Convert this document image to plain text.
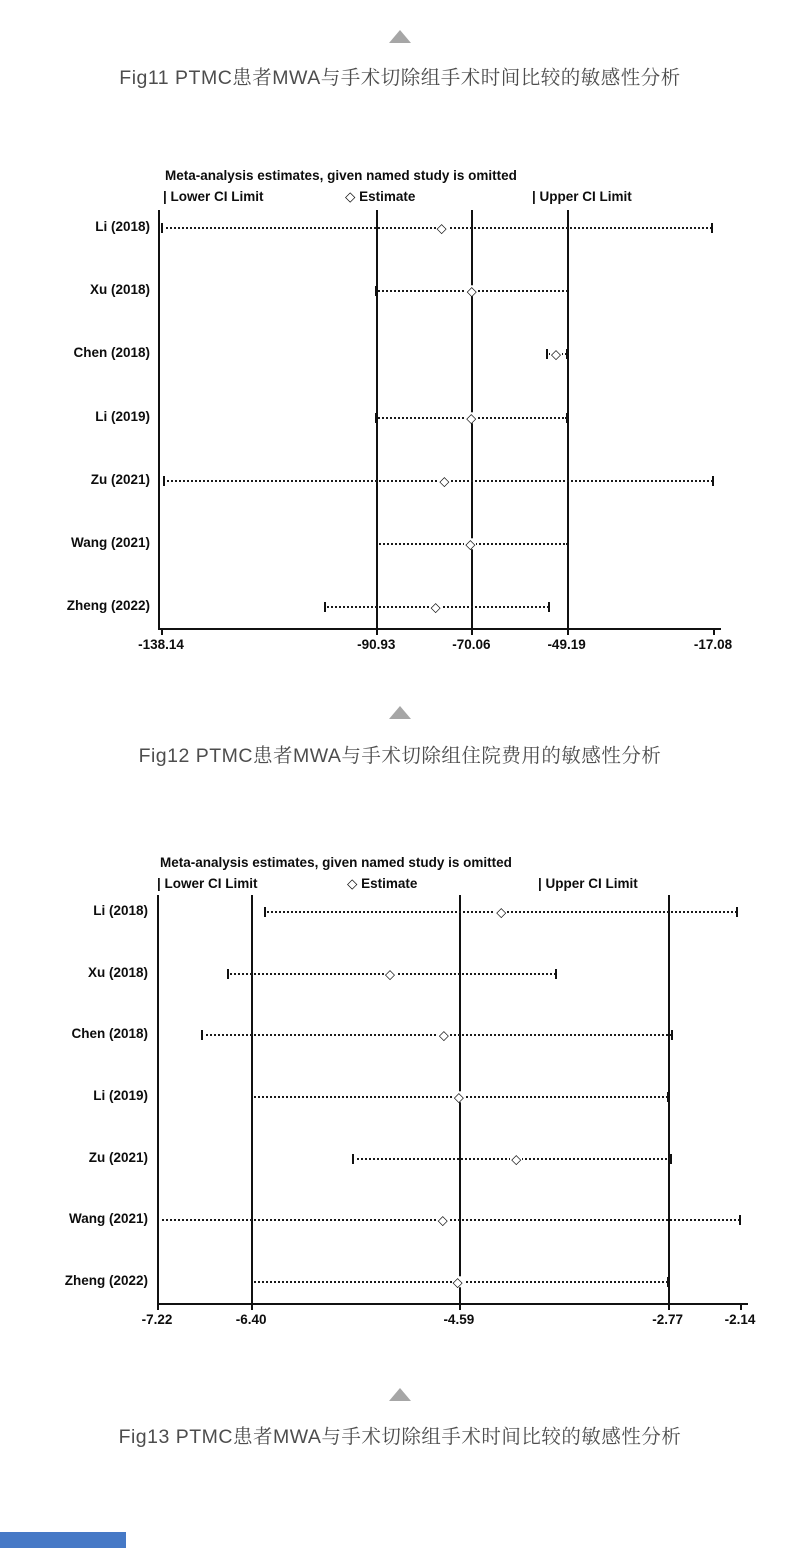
Fig11 PTMC患者MWA与手术切除组手术时间比较的敏感性分析
Meta-analysis estimates, given named study is omitted
| Lower CI Limit	◇ Estimate	| Upper CI Limit
-138.14	-90.93	-70.06	-49.19	-17.08
Li (2018)	◇
Xu (2018)	◇
Chen (2018)	◇
Li (2019)	◇
Zu (2021)	◇
Wang (2021)	◇
Zheng (2022)	◇
Fig12 PTMC患者MWA与手术切除组住院费用的敏感性分析
Meta-analysis estimates, given named study is omitted
| Lower CI Limit	◇ Estimate	| Upper CI Limit
-7.22	-6.40	-4.59	-2.77	-2.14
Li (2018)	◇
Xu (2018)	◇
Chen (2018)	◇
Li (2019)	◇
Zu (2021)	◇
Wang (2021)	◇
Zheng (2022)	◇
Fig13 PTMC患者MWA与手术切除组手术时间比较的敏感性分析
